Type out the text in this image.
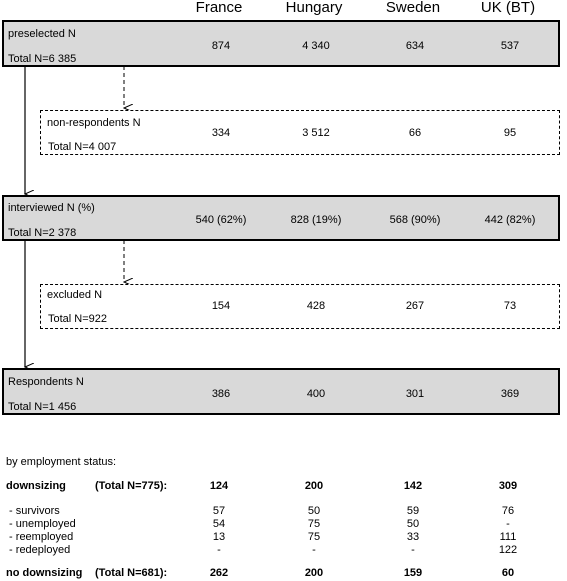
France	Hungary	Sweden	UK (BT)
preselected N
Total N=6 385
874	4 340	634	537
non-respondents N
Total N=4 007
334	3 512	66	95
interviewed N (%)
Total N=2 378
540 (62%)	828 (19%)	568 (90%)	442 (82%)
excluded N
Total N=922
154	428	267	73
Respondents N
Total N=1 456
386	400	301	369
by employment status:
downsizing	(Total N=775):	124	200	142	309
- survivors	57	50	59	76
- unemployed	54	75	50	-
- reemployed	13	75	33	111
- redeployed	-	-	-	122
no downsizing (Total N=681):	262	200	159	60
